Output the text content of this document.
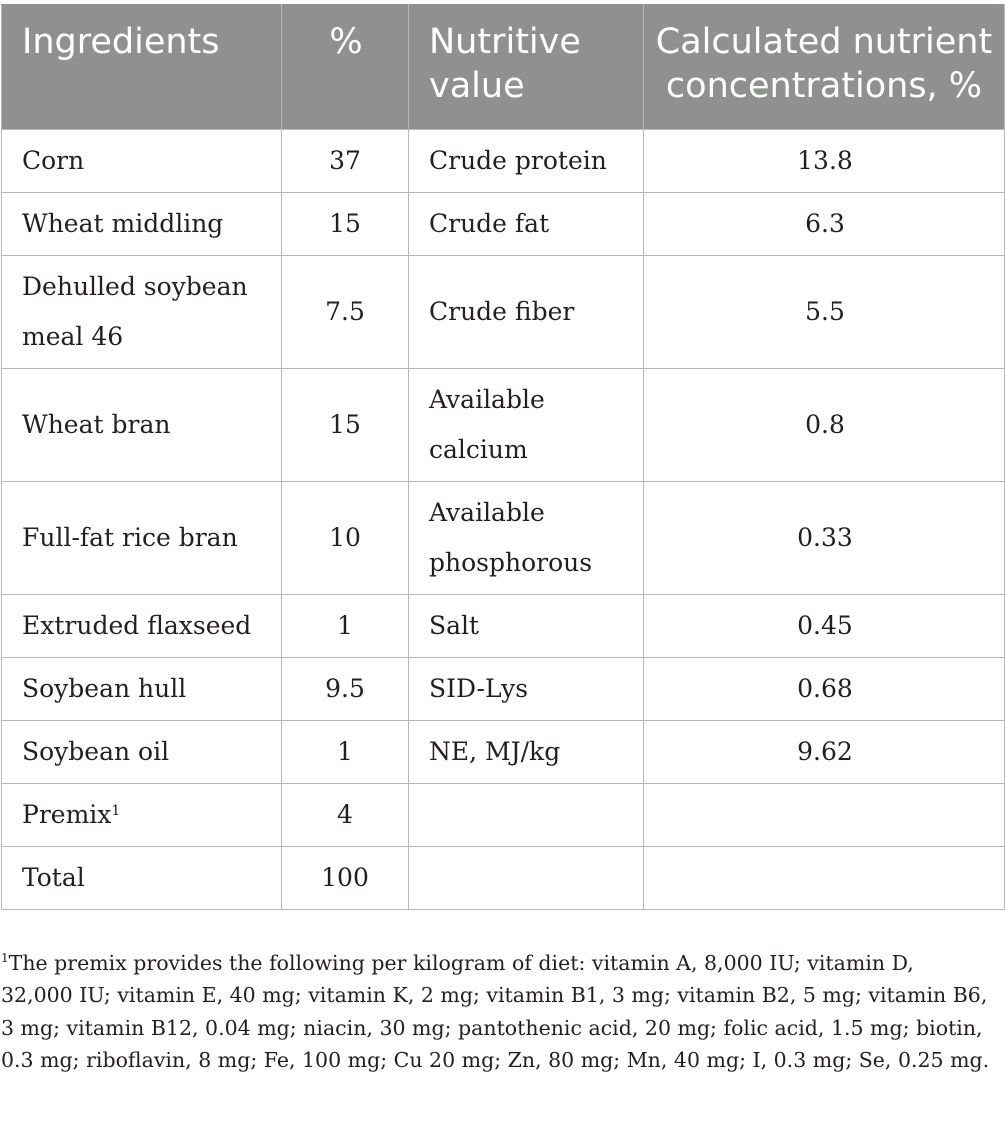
Ingredients	%	Nutritive value	Calculated nutrient concentrations, %
Corn	37	Crude protein	13.8
Wheat middling	15	Crude fat	6.3
Dehulled soybean meal 46	7.5	Crude fiber	5.5
Wheat bran	15	Available calcium	0.8
Full-fat rice bran	10	Available phosphorous	0.33
Extruded flaxseed	1	Salt	0.45
Soybean hull	9.5	SID-Lys	0.68
Soybean oil	1	NE, MJ/kg	9.62
Premix$^1$	4		
Total	100		

$^1$The premix provides the following per kilogram of diet: vitamin A, 8,000 IU; vitamin D, 32,000 IU; vitamin E, 40 mg; vitamin K, 2 mg; vitamin B1, 3 mg; vitamin B2, 5 mg; vitamin B6, 3 mg; vitamin B12, 0.04 mg; niacin, 30 mg; pantothenic acid, 20 mg; folic acid, 1.5 mg; biotin, 0.3 mg; riboflavin, 8 mg; Fe, 100 mg; Cu 20 mg; Zn, 80 mg; Mn, 40 mg; I, 0.3 mg; Se, 0.25 mg.
